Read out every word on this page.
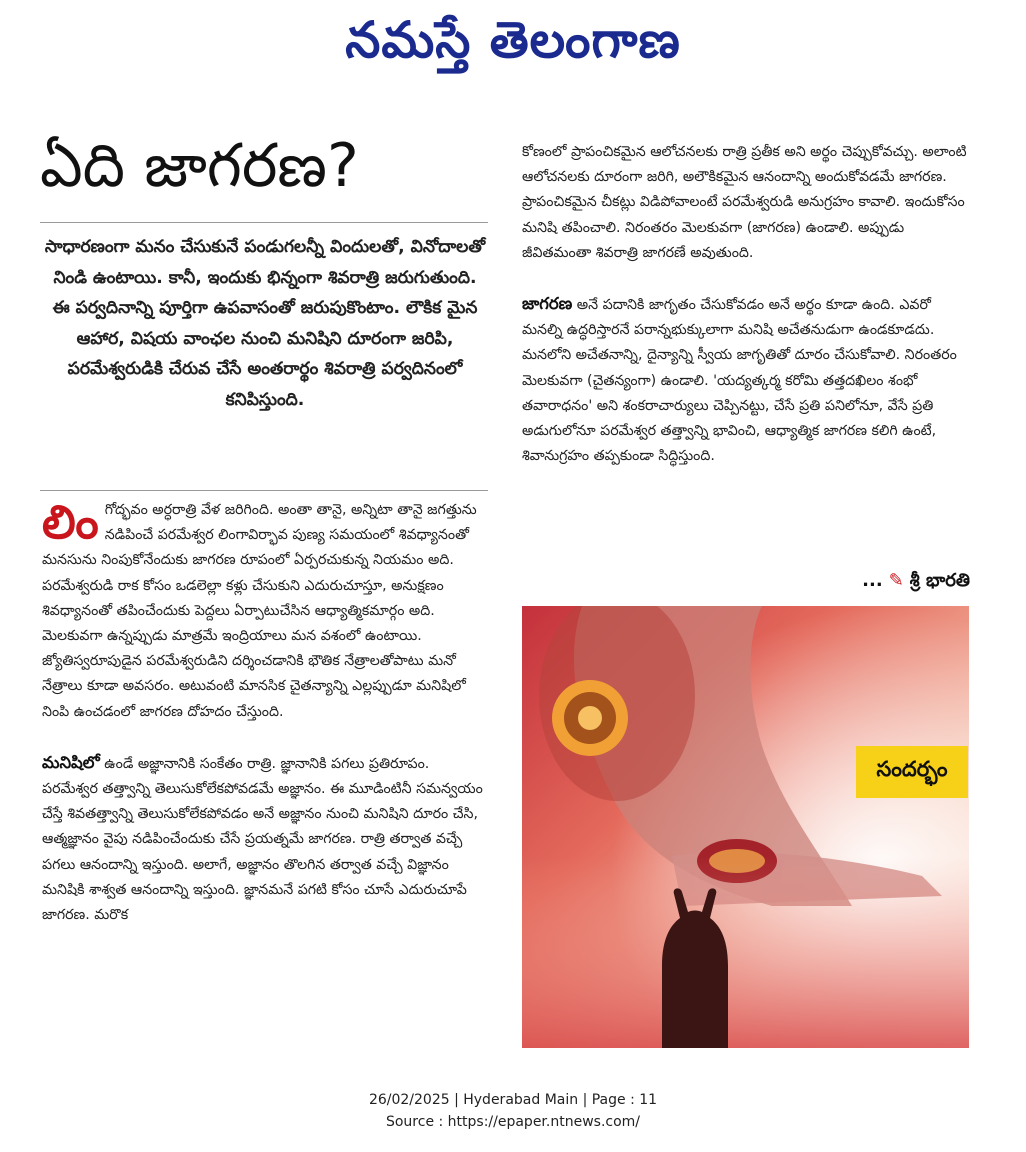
నమస్తే తెలంగాణ
ఏది జాగరణ?
సాధారణంగా మనం చేసుకునే పండుగలన్నీ విందులతో, వినోదాలతో నిండి ఉంటాయి. కానీ, ఇందుకు భిన్నంగా శివరాత్రి జరుగుతుంది. ఈ పర్వదినాన్ని పూర్తిగా ఉపవాసంతో జరుపుకొంటాం. లౌకిక మైన ఆహార, విషయ వాంఛల నుంచి మనిషిని దూరంగా జరిపి, పరమేశ్వరుడికి చేరువ చేసే అంతరార్థం శివరాత్రి పర్వదినంలో కనిపిస్తుంది.

లింగోద్భవం అర్ధరాత్రి వేళ జరిగింది. అంతా తానై, అన్నిటా తానై జగత్తును నడిపించే పరమేశ్వర లింగావిర్భావ పుణ్య సమయంలో శివధ్యానంతో మనసును నింపుకోనేందుకు జాగరణ రూపంలో ఏర్పరచుకున్న నియమం అది. పరమేశ్వరుడి రాక కోసం ఒడలెల్లా కళ్లు చేసుకుని ఎదురుచూస్తూ, అనుక్షణం శివధ్యానంతో తపించేందుకు పెద్దలు ఏర్పాటుచేసిన ఆధ్యాత్మికమార్గం అది. మెలకువగా ఉన్నప్పుడు మాత్రమే ఇంద్రియాలు మన వశంలో ఉంటాయి. జ్యోతిస్వరూపుడైన పరమేశ్వరుడిని దర్శించడానికి భౌతిక నేత్రాలతోపాటు మనో నేత్రాలు కూడా అవసరం. అటువంటి మానసిక చైతన్యాన్ని ఎల్లప్పుడూ మనిషిలో నింపి ఉంచడంలో జాగరణ దోహదం చేస్తుంది.

మనిషిలో ఉండే అజ్ఞానానికి సంకేతం రాత్రి. జ్ఞానానికి పగలు ప్రతిరూపం. పరమేశ్వర తత్త్వాన్ని తెలుసుకోలేకపోవడమే అజ్ఞానం. ఈ మూడింటినీ సమన్వయం చేస్తే శివతత్త్వాన్ని తెలుసుకోలేకపోవడం అనే అజ్ఞానం నుంచి మనిషిని దూరం చేసి, ఆత్మజ్ఞానం వైపు నడిపించేందుకు చేసే ప్రయత్నమే జాగరణ. రాత్రి తర్వాత వచ్చే పగలు ఆనందాన్ని ఇస్తుంది. అలాగే, అజ్ఞానం తొలగిన తర్వాత వచ్చే విజ్ఞానం మనిషికి శాశ్వత ఆనందాన్ని ఇస్తుంది. జ్ఞానమనే పగటి కోసం చూసే ఎదురుచూపే జాగరణ. మరొక

కోణంలో ప్రాపంచికమైన ఆలోచనలకు రాత్రి ప్రతీక అని అర్థం చెప్పుకోవచ్చు. అలాంటి ఆలోచనలకు దూరంగా జరిగి, అలౌకికమైన ఆనందాన్ని అందుకోవడమే జాగరణ. ప్రాపంచికమైన చీకట్లు విడిపోవాలంటే పరమేశ్వరుడి అనుగ్రహం కావాలి. ఇందుకోసం మనిషి తపించాలి. నిరంతరం మెలకువగా (జాగరణ) ఉండాలి. అప్పుడు జీవితమంతా శివరాత్రి జాగరణే అవుతుంది.

జాగరణ అనే పదానికి జాగృతం చేసుకోవడం అనే అర్థం కూడా ఉంది. ఎవరో మనల్ని ఉద్ధరిస్తారనే పరాన్నభుక్కులాగా మనిషి అచేతనుడుగా ఉండకూడదు. మనలోని అచేతనాన్ని, దైన్యాన్ని స్వీయ జాగృతితో దూరం చేసుకోవాలి. నిరంతరం మెలకువగా (చైతన్యంగా) ఉండాలి. 'యద్యత్కర్మ కరోమి తత్తదఖిలం శంభో తవారాధనం' అని శంకరాచార్యులు చెప్పినట్టు, చేసే ప్రతి పనిలోనూ, వేసే ప్రతి అడుగులోనూ పరమేశ్వర తత్త్వాన్ని భావించి, ఆధ్యాత్మిక జాగరణ కలిగి ఉంటే, శివానుగ్రహం తప్పకుండా సిద్ధిస్తుంది.

... ✎ శ్రీ భారతి
సందర్భం
26/02/2025 | Hyderabad Main | Page : 11
Source : https://epaper.ntnews.com/
